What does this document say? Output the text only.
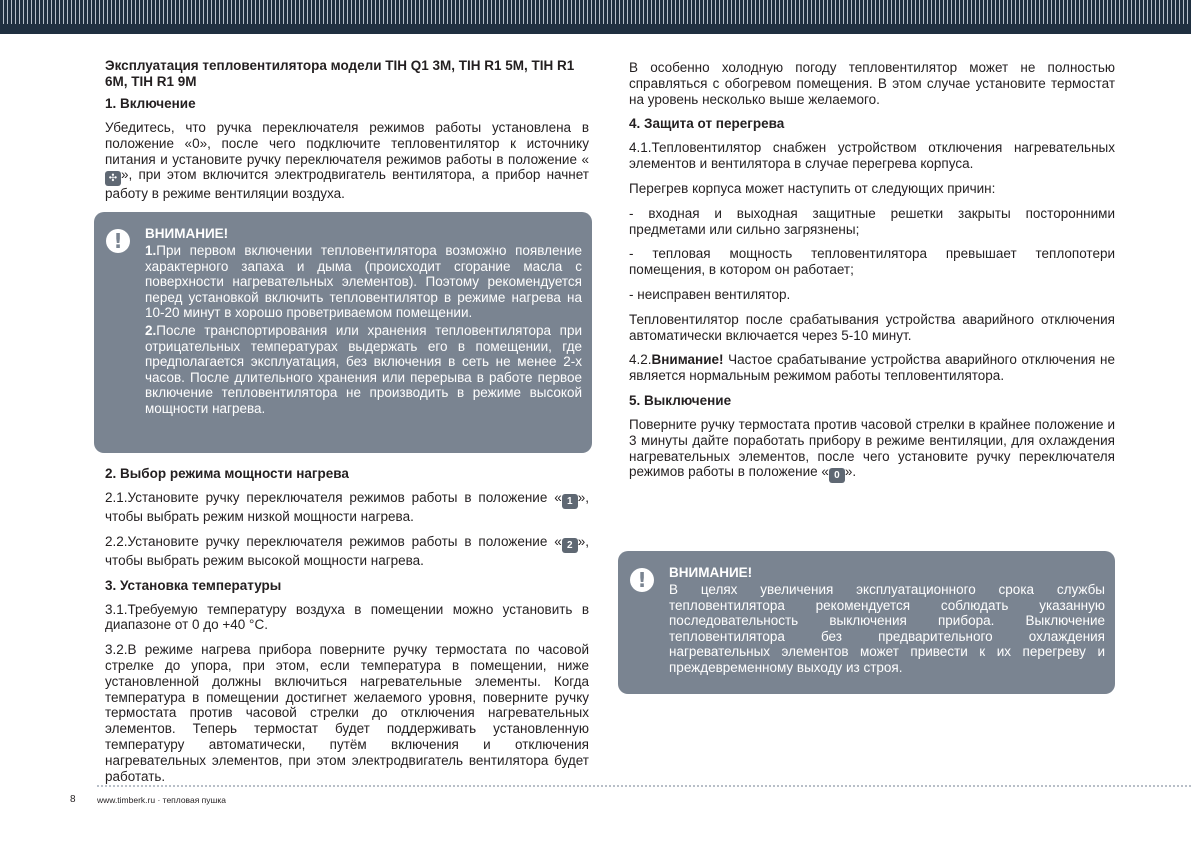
Эксплуатация тепловентилятора модели TIH Q1 3M, TIH R1 5M, TIH R1 6M, TIH R1 9M
1. Включение

Убедитесь, что ручка переключателя режимов работы установлена в положение «0», после чего подключите тепловентилятор к источнику питания и установите ручку переключателя режимов работы в положение «✣ », при этом включится электродвигатель вентилятора, а прибор начнет работу в режиме вентиляции воздуха.

!	ВНИМАНИЕ!

1.При первом включении тепловентилятора возможно появление характерного запаха и дыма (происходит сгорание масла с поверхности нагревательных элементов). Поэтому рекомендуется перед установкой включить тепловентилятор в режиме нагрева на 10-20 минут в хорошо проветриваемом помещении.

2.После транспортирования или хранения тепловентилятора при отрицательных температурах выдержать его в помещении, где предполагается эксплуатация, без включения в сеть не менее 2-х часов. После длительного хранения или перерыва в работе первое включение тепловентилятора не производить в режиме высокой мощности нагрева.

2. Выбор режима мощности нагрева

2.1.Установите ручку переключателя режимов работы в положение « 1 », чтобы выбрать режим низкой мощности нагрева.

2.2.Установите ручку переключателя режимов работы в положение « 2 », чтобы выбрать режим высокой мощности нагрева.

3. Установка температуры

3.1.Требуемую температуру воздуха в помещении можно установить в диапазоне от 0 до +40 °C.

3.2.В режиме нагрева прибора поверните ручку термостата по часовой стрелке до упора, при этом, если температура в помещении, ниже установленной должны включиться нагревательные элементы. Когда температура в помещении достигнет желаемого уровня, поверните ручку термостата против часовой стрелки до отключения нагревательных элементов. Теперь термостат будет поддерживать установленную температуру автоматически, путём включения и отключения нагревательных элементов, при этом электродвигатель вентилятора будет работать.

В особенно холодную погоду тепловентилятор может не полностью справляться с обогревом помещения. В этом случае установите термостат на уровень несколько выше желаемого.

4. Защита от перегрева

4.1.Тепловентилятор снабжен устройством отключения нагревательных элементов и вентилятора в случае перегрева корпуса.

Перегрев корпуса может наступить от следующих причин:

- входная и выходная защитные решетки закрыты посторонними предметами или сильно загрязнены;

- тепловая мощность тепловентилятора превышает теплопотери помещения, в котором он работает;

- неисправен вентилятор.

Тепловентилятор после срабатывания устройства аварийного отключения автоматически включается через 5-10 минут.

4.2.Внимание! Частое срабатывание устройства аварийного отключения не является нормальным режимом работы тепловентилятора.

5. Выключение

Поверните ручку термостата против часовой стрелки в крайнее положение и 3 минуты дайте поработать прибору в режиме вентиляции, для охлаждения нагревательных элементов, после чего установите ручку переключателя режимов работы в положение « 0 ».

!	ВНИМАНИЕ!

В целях увеличения эксплуатационного срока службы тепловентилятора рекомендуется соблюдать указанную последовательность выключения прибора. Выключение тепловентилятора без предварительного охлаждения нагревательных элементов может привести к их перегреву и преждевременному выходу из строя.

8	www.timberk.ru · тепловая пушка
